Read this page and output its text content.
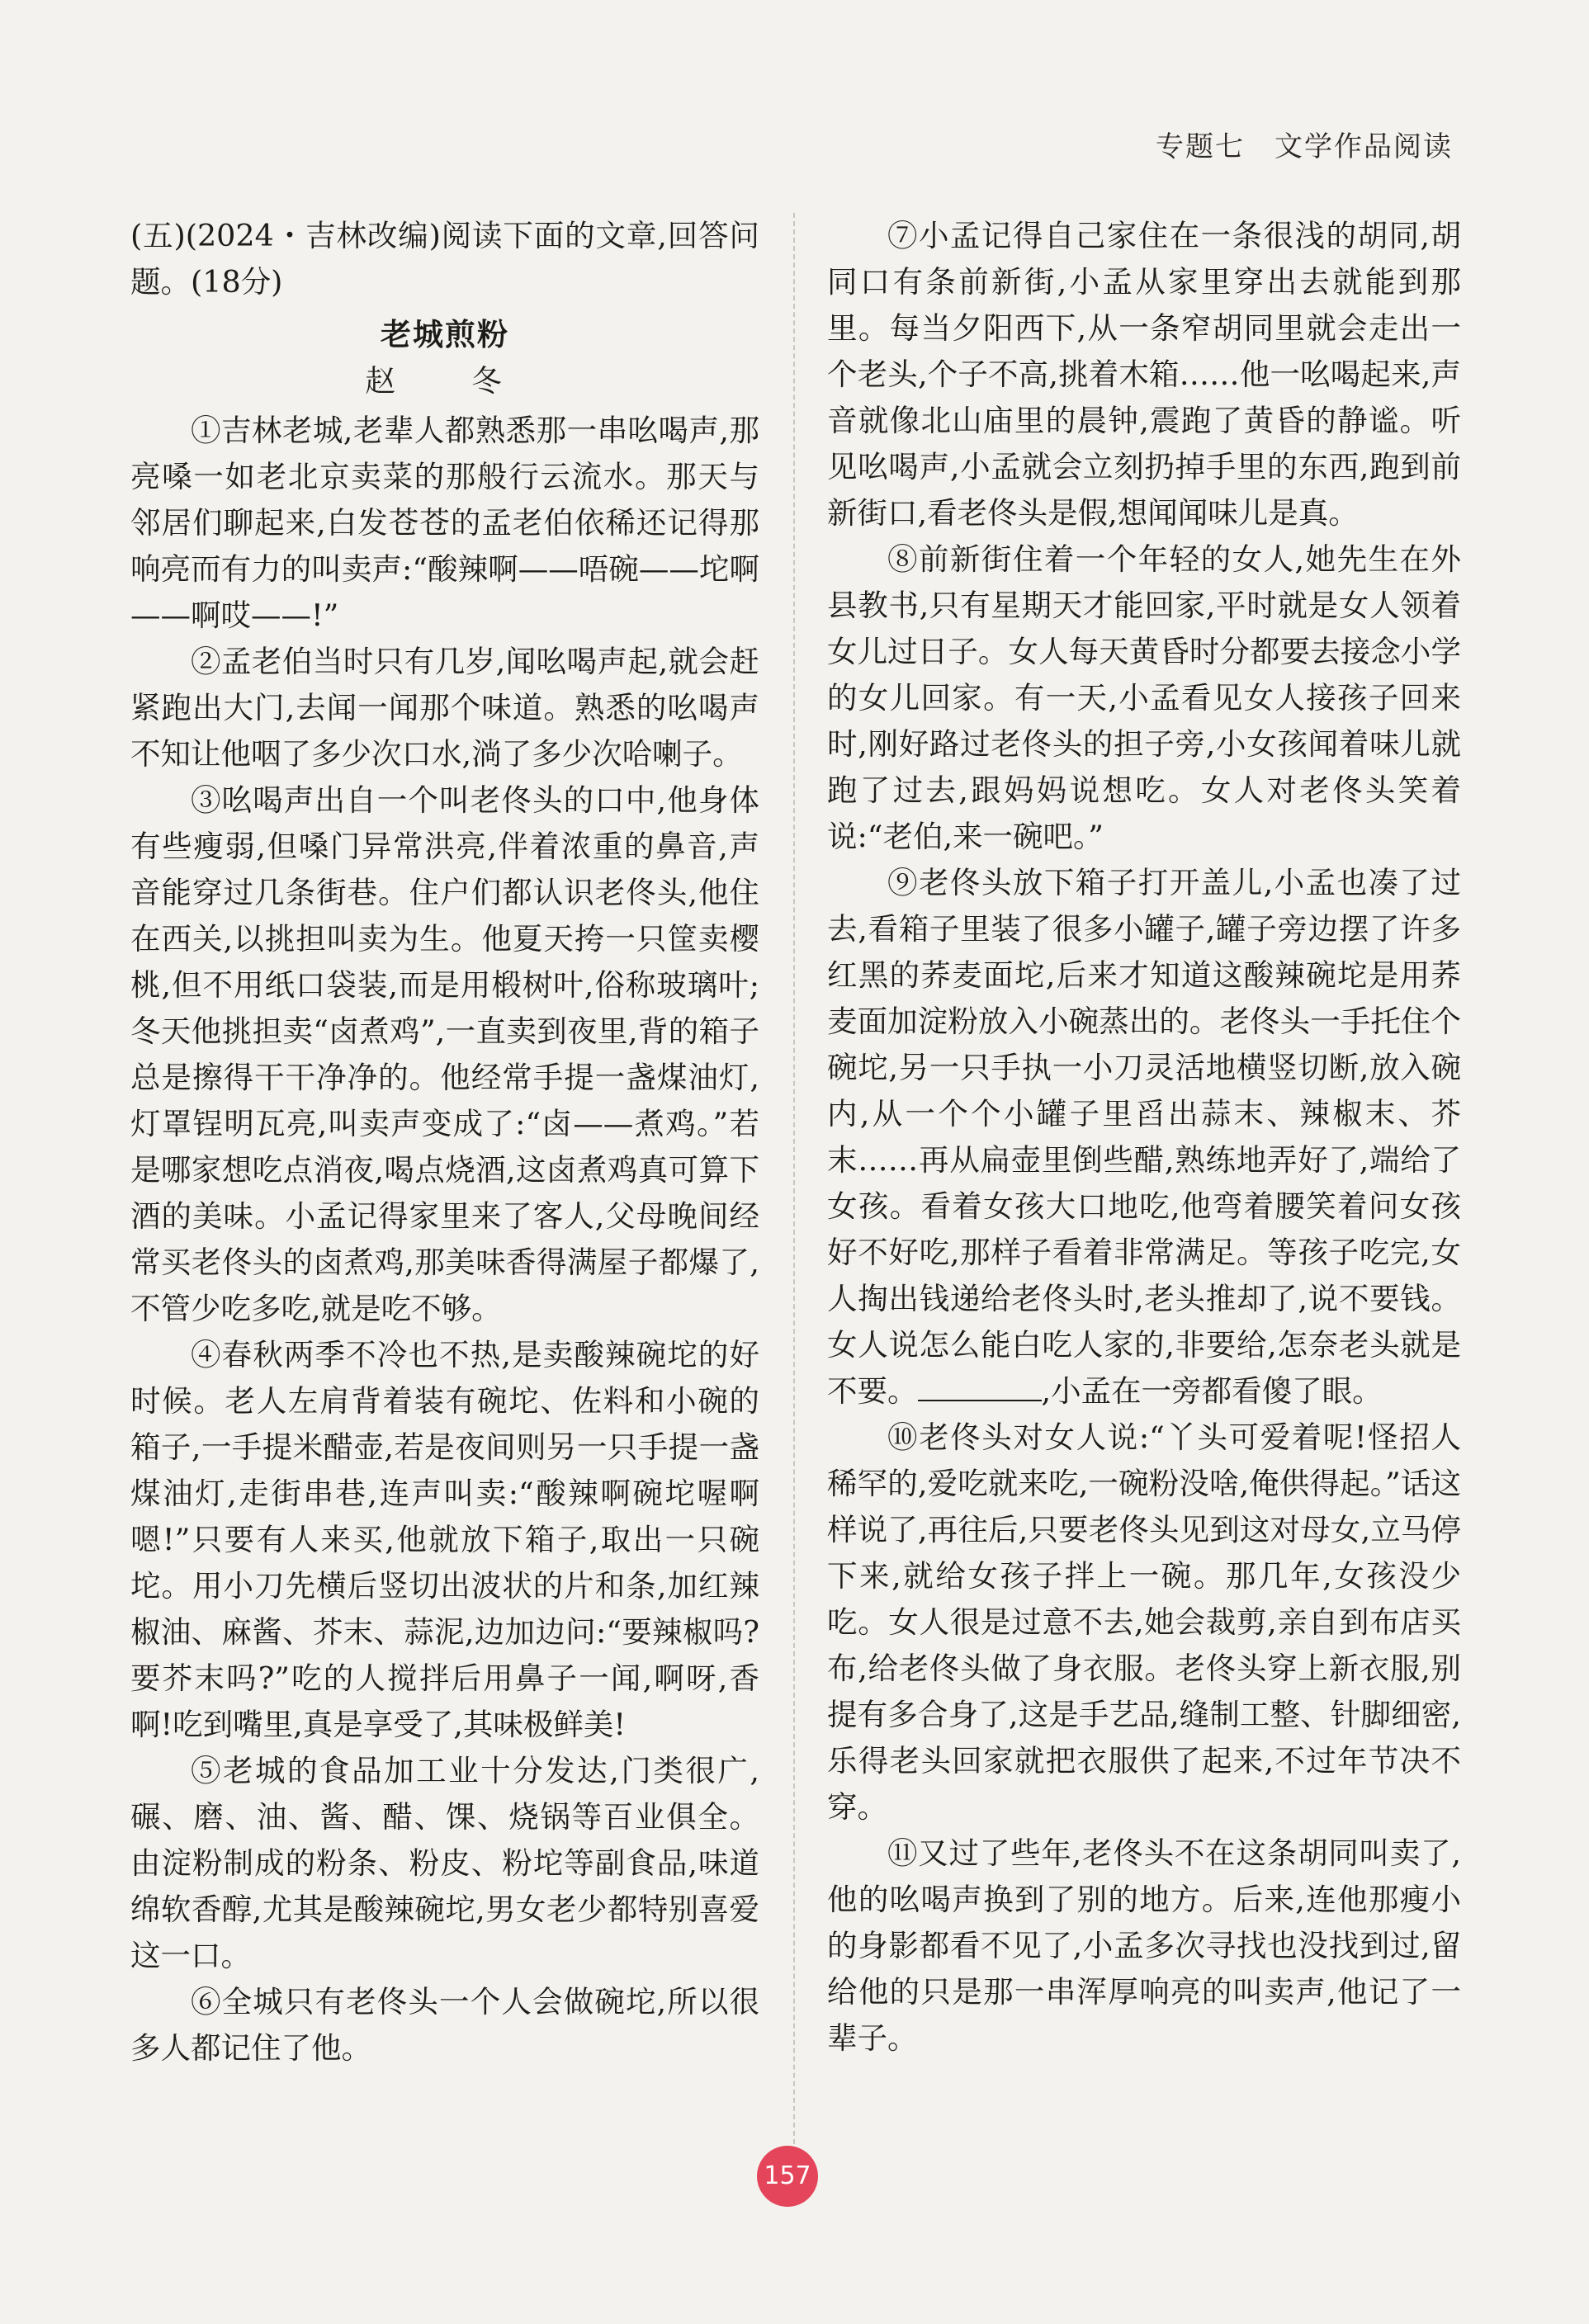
专题七　文学作品阅读

(五)(2024・吉林改编)阅读下面的文章,回答问题。(18分)

老城煎粉
赵　冬

①吉林老城,老辈人都熟悉那一串吆喝声,那亮嗓一如老北京卖菜的那般行云流水。那天与邻居们聊起来,白发苍苍的孟老伯依稀还记得那响亮而有力的叫卖声:“酸辣啊——唔碗——坨啊——啊哎——!”

②孟老伯当时只有几岁,闻吆喝声起,就会赶紧跑出大门,去闻一闻那个味道。熟悉的吆喝声不知让他咽了多少次口水,淌了多少次哈喇子。

③吆喝声出自一个叫老佟头的口中,他身体有些瘦弱,但嗓门异常洪亮,伴着浓重的鼻音,声音能穿过几条街巷。住户们都认识老佟头,他住在西关,以挑担叫卖为生。他夏天挎一只筐卖樱桃,但不用纸口袋装,而是用椴树叶,俗称玻璃叶;冬天他挑担卖“卤煮鸡”,一直卖到夜里,背的箱子总是擦得干干净净的。他经常手提一盏煤油灯,灯罩锃明瓦亮,叫卖声变成了:“卤——煮鸡。”若是哪家想吃点消夜,喝点烧酒,这卤煮鸡真可算下酒的美味。小孟记得家里来了客人,父母晚间经常买老佟头的卤煮鸡,那美味香得满屋子都爆了,不管少吃多吃,就是吃不够。

④春秋两季不冷也不热,是卖酸辣碗坨的好时候。老人左肩背着装有碗坨、佐料和小碗的箱子,一手提米醋壶,若是夜间则另一只手提一盏煤油灯,走街串巷,连声叫卖:“酸辣啊碗坨喔啊嗯!”只要有人来买,他就放下箱子,取出一只碗坨。用小刀先横后竖切出波状的片和条,加红辣椒油、麻酱、芥末、蒜泥,边加边问:“要辣椒吗?要芥末吗?”吃的人搅拌后用鼻子一闻,啊呀,香啊!吃到嘴里,真是享受了,其味极鲜美!

⑤老城的食品加工业十分发达,门类很广,碾、磨、油、酱、醋、馃、烧锅等百业俱全。由淀粉制成的粉条、粉皮、粉坨等副食品,味道绵软香醇,尤其是酸辣碗坨,男女老少都特别喜爱这一口。

⑥全城只有老佟头一个人会做碗坨,所以很多人都记住了他。

⑦小孟记得自己家住在一条很浅的胡同,胡同口有条前新街,小孟从家里穿出去就能到那里。每当夕阳西下,从一条窄胡同里就会走出一个老头,个子不高,挑着木箱……他一吆喝起来,声音就像北山庙里的晨钟,震跑了黄昏的静谧。听见吆喝声,小孟就会立刻扔掉手里的东西,跑到前新街口,看老佟头是假,想闻闻味儿是真。

⑧前新街住着一个年轻的女人,她先生在外县教书,只有星期天才能回家,平时就是女人领着女儿过日子。女人每天黄昏时分都要去接念小学的女儿回家。有一天,小孟看见女人接孩子回来时,刚好路过老佟头的担子旁,小女孩闻着味儿就跑了过去,跟妈妈说想吃。女人对老佟头笑着说:“老伯,来一碗吧。”

⑨老佟头放下箱子打开盖儿,小孟也凑了过去,看箱子里装了很多小罐子,罐子旁边摆了许多红黑的荞麦面坨,后来才知道这酸辣碗坨是用荞麦面加淀粉放入小碗蒸出的。老佟头一手托住个碗坨,另一只手执一小刀灵活地横竖切断,放入碗内,从一个个小罐子里舀出蒜末、辣椒末、芥末……再从扁壶里倒些醋,熟练地弄好了,端给了女孩。看着女孩大口地吃,他弯着腰笑着问女孩好不好吃,那样子看着非常满足。等孩子吃完,女人掏出钱递给老佟头时,老头推却了,说不要钱。女人说怎么能白吃人家的,非要给,怎奈老头就是不要。	,小孟在一旁都看傻了眼。

⑩老佟头对女人说:“丫头可爱着呢!怪招人稀罕的,爱吃就来吃,一碗粉没啥,俺供得起。”话这样说了,再往后,只要老佟头见到这对母女,立马停下来,就给女孩子拌上一碗。那几年,女孩没少吃。女人很是过意不去,她会裁剪,亲自到布店买布,给老佟头做了身衣服。老佟头穿上新衣服,别提有多合身了,这是手艺品,缝制工整、针脚细密,乐得老头回家就把衣服供了起来,不过年节决不穿。

⑪又过了些年,老佟头不在这条胡同叫卖了,他的吆喝声换到了别的地方。后来,连他那瘦小的身影都看不见了,小孟多次寻找也没找到过,留给他的只是那一串浑厚响亮的叫卖声,他记了一辈子。

157
